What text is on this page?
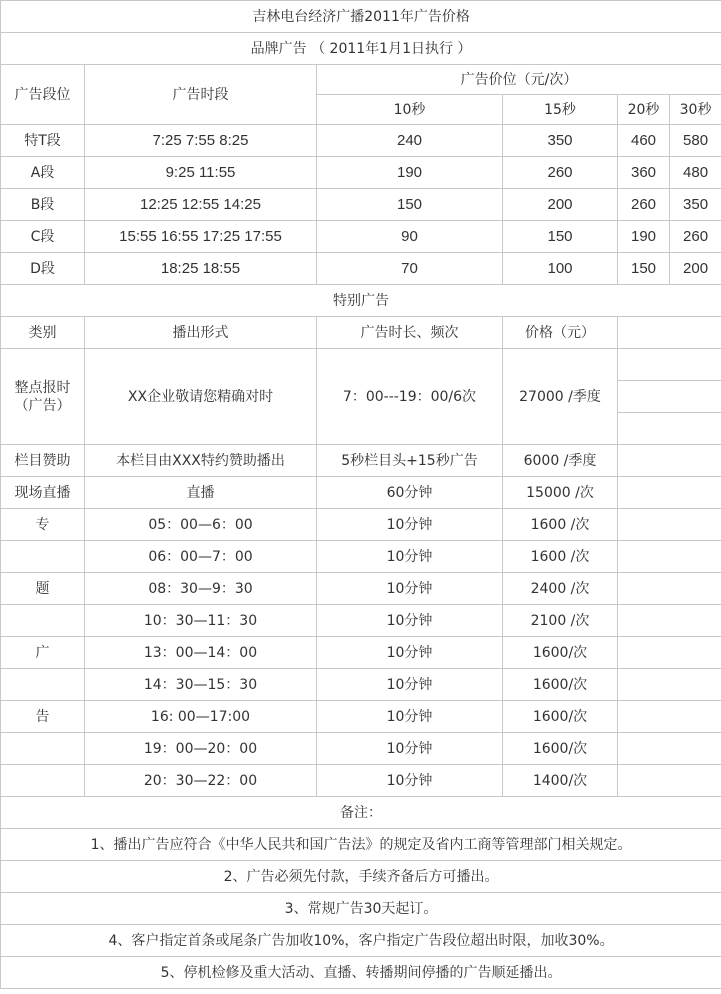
吉林电台经济广播2011年广告价格					
品牌广告 （ 2011年1月1日执行 ）					
广告段位	广告时段	广告价位（元/次）			
		10秒	15秒	20秒	30秒
特T段	7:25 7:55 8:25	240	350	460	580
A段	9:25 11:55	190	260	360	480
B段	12:25 12:55 14:25	150	200	260	350
C段	15:55 16:55 17:25 17:55	90	150	190	260
D段	18:25 18:55	70	100	150	200
特别广告					
类别	播出形式	广告时长、频次	价格（元）		
整点报时（广告）	XX企业敬请您精确对时	7：00---19：00/6次	27000 /季度		

栏目赞助	本栏目由XXX特约赞助播出	5秒栏目头+15秒广告	6000 /季度		
现场直播	直播	60分钟	15000 /次		
专	05：00—6：00	10分钟	1600 /次		
	06：00—7：00	10分钟	1600 /次		
题	08：30—9：30	10分钟	2400 /次		
	10：30—11：30	10分钟	2100 /次		
广	13：00—14：00	10分钟	1600/次		
	14：30—15：30	10分钟	1600/次		
告	16: 00—17:00	10分钟	1600/次		
	19：00—20：00	10分钟	1600/次		
	20：30—22：00	10分钟	1400/次		
备注：					
1、播出广告应符合《中华人民共和国广告法》的规定及省内工商等管理部门相关规定。					
2、广告必须先付款，手续齐备后方可播出。					
3、常规广告30天起订。					
4、客户指定首条或尾条广告加收10%，客户指定广告段位超出时限，加收30%。					
5、停机检修及重大活动、直播、转播期间停播的广告顺延播出。					
